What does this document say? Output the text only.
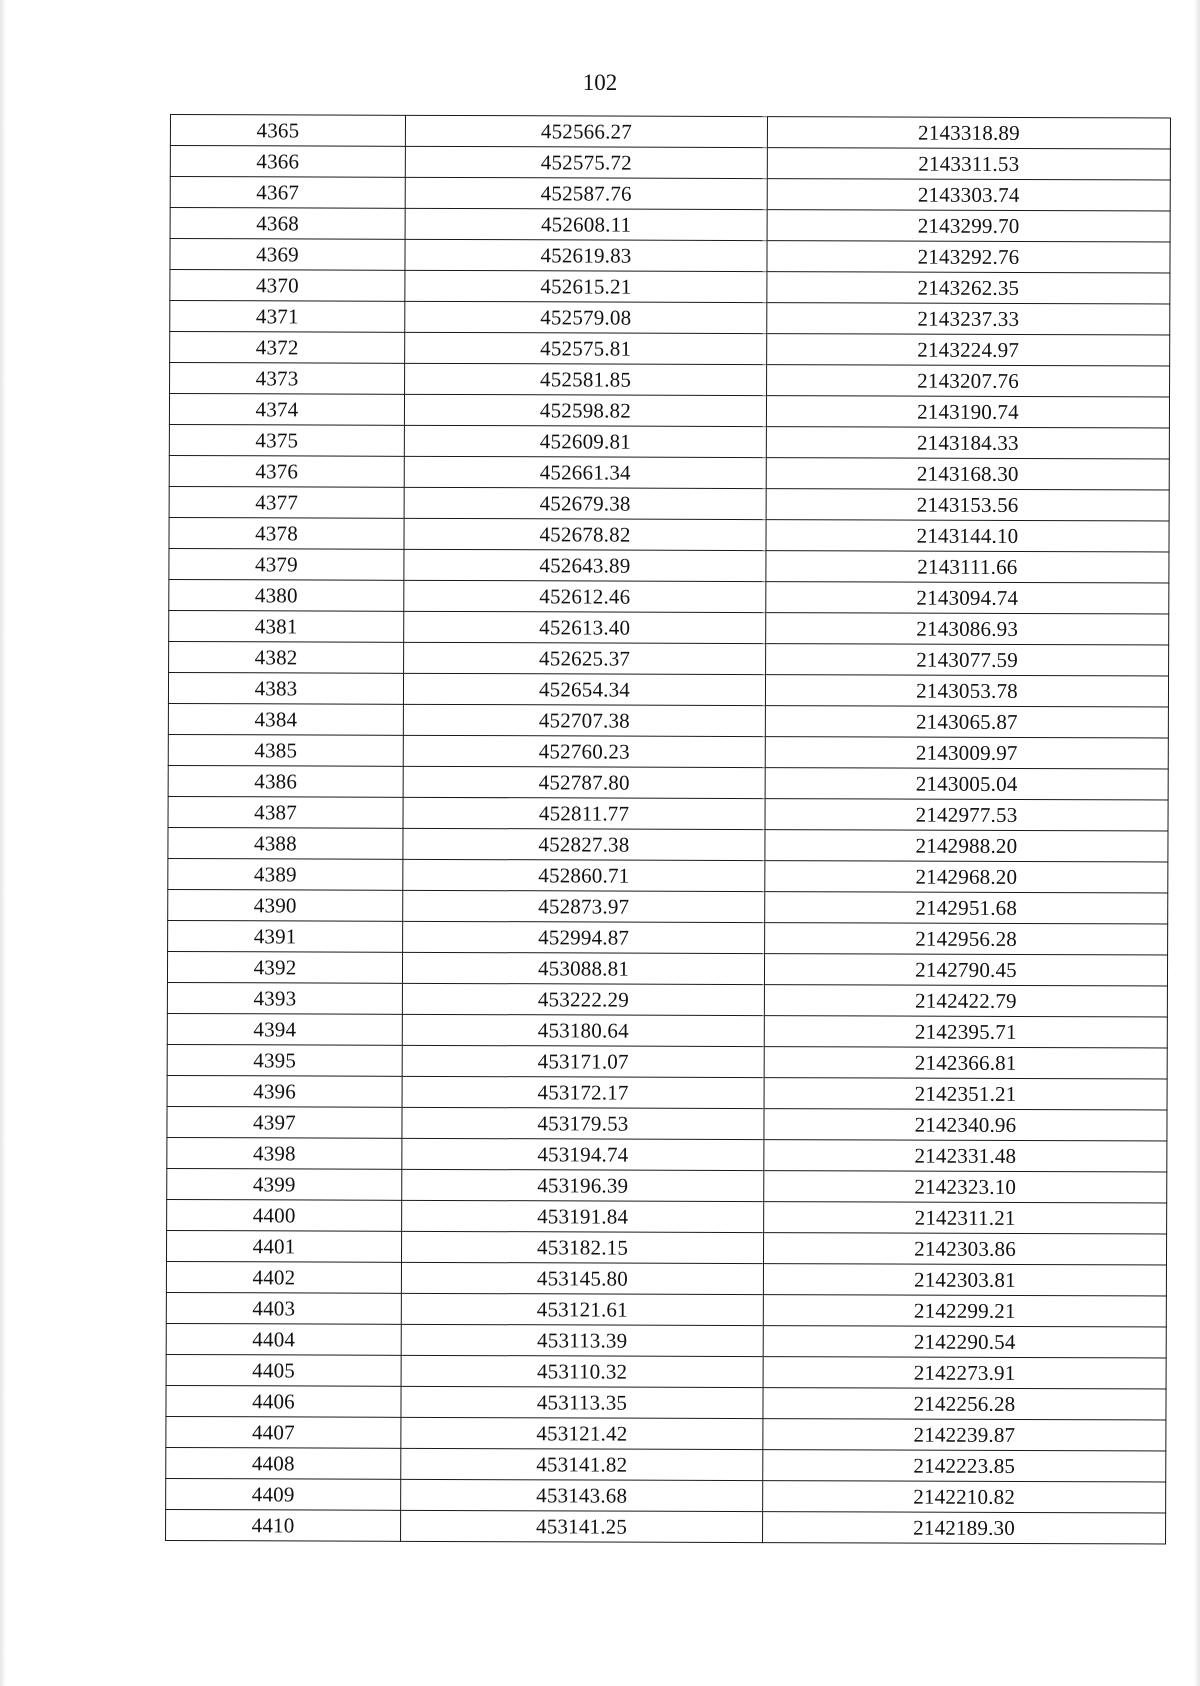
102
4365	452566.27	2143318.89
4366	452575.72	2143311.53
4367	452587.76	2143303.74
4368	452608.11	2143299.70
4369	452619.83	2143292.76
4370	452615.21	2143262.35
4371	452579.08	2143237.33
4372	452575.81	2143224.97
4373	452581.85	2143207.76
4374	452598.82	2143190.74
4375	452609.81	2143184.33
4376	452661.34	2143168.30
4377	452679.38	2143153.56
4378	452678.82	2143144.10
4379	452643.89	2143111.66
4380	452612.46	2143094.74
4381	452613.40	2143086.93
4382	452625.37	2143077.59
4383	452654.34	2143053.78
4384	452707.38	2143065.87
4385	452760.23	2143009.97
4386	452787.80	2143005.04
4387	452811.77	2142977.53
4388	452827.38	2142988.20
4389	452860.71	2142968.20
4390	452873.97	2142951.68
4391	452994.87	2142956.28
4392	453088.81	2142790.45
4393	453222.29	2142422.79
4394	453180.64	2142395.71
4395	453171.07	2142366.81
4396	453172.17	2142351.21
4397	453179.53	2142340.96
4398	453194.74	2142331.48
4399	453196.39	2142323.10
4400	453191.84	2142311.21
4401	453182.15	2142303.86
4402	453145.80	2142303.81
4403	453121.61	2142299.21
4404	453113.39	2142290.54
4405	453110.32	2142273.91
4406	453113.35	2142256.28
4407	453121.42	2142239.87
4408	453141.82	2142223.85
4409	453143.68	2142210.82
4410	453141.25	2142189.30
